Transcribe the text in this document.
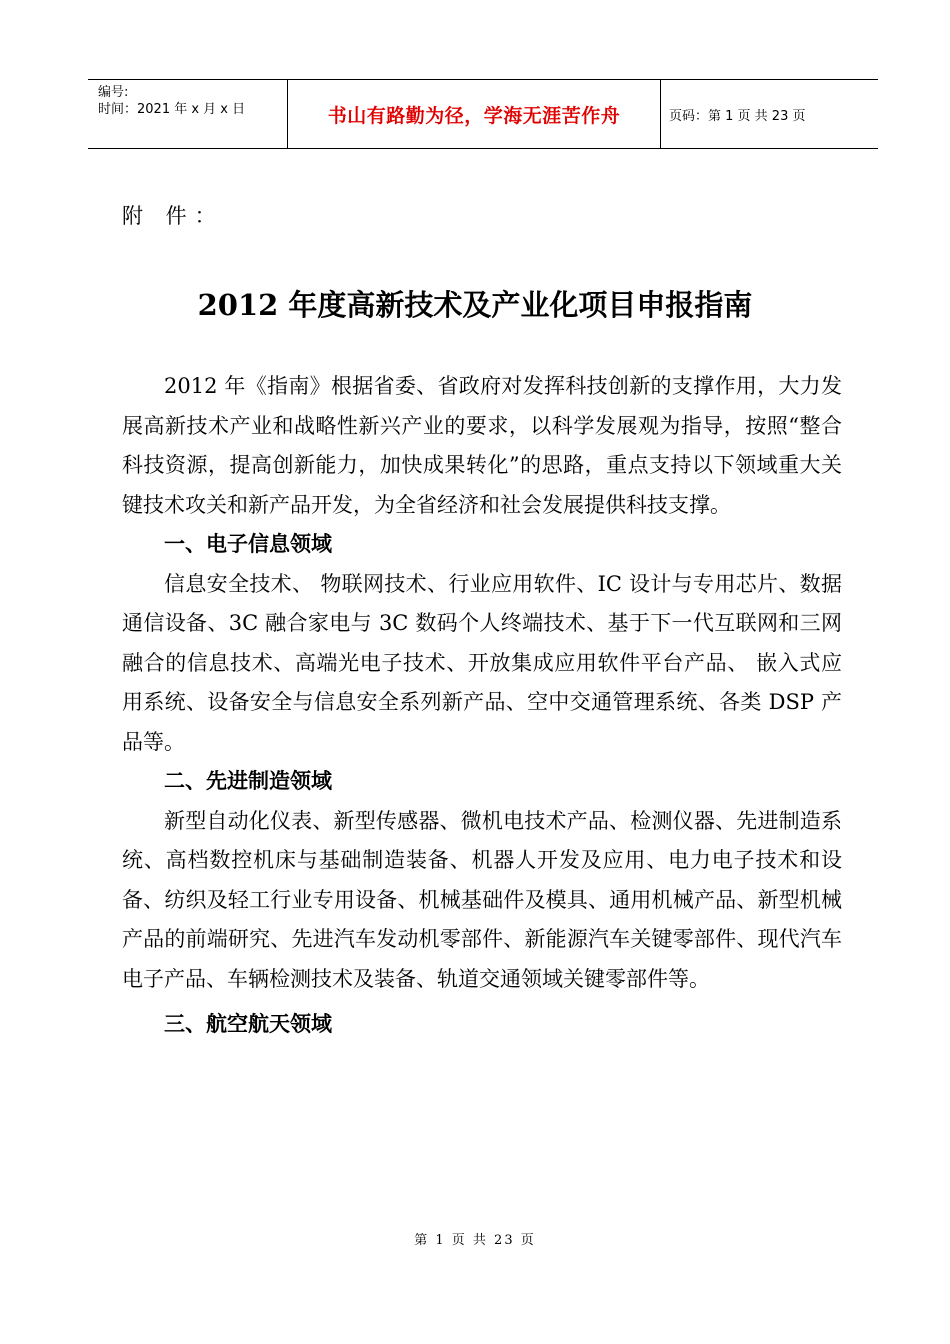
编号:
时间：2021 年 x 月 x 日	书山有路勤为径，学海无涯苦作舟	页码：第 1 页 共 23 页
附 件：
2012 年度高新技术及产业化项目申报指南

2012 年《指南》根据省委、省政府对发挥科技创新的支撑作用，大力发展高新技术产业和战略性新兴产业的要求，以科学发展观为指导，按照“整合科技资源，提高创新能力，加快成果转化”的思路，重点支持以下领域重大关键技术攻关和新产品开发，为全省经济和社会发展提供科技支撑。

一、电子信息领域

信息安全技术、 物联网技术、行业应用软件、IC 设计与专用芯片、数据通信设备、3C 融合家电与 3C 数码个人终端技术、基于下一代互联网和三网融合的信息技术、高端光电子技术、开放集成应用软件平台产品、 嵌入式应用系统、设备安全与信息安全系列新产品、空中交通管理系统、各类 DSP 产品等。

二、先进制造领域

新型自动化仪表、新型传感器、微机电技术产品、检测仪器、先进制造系统、高档数控机床与基础制造装备、机器人开发及应用、电力电子技术和设备、纺织及轻工行业专用设备、机械基础件及模具、通用机械产品、新型机械产品的前端研究、先进汽车发动机零部件、新能源汽车关键零部件、现代汽车电子产品、车辆检测技术及装备、轨道交通领域关键零部件等。

三、航空航天领域
第 1 页 共 23 页
